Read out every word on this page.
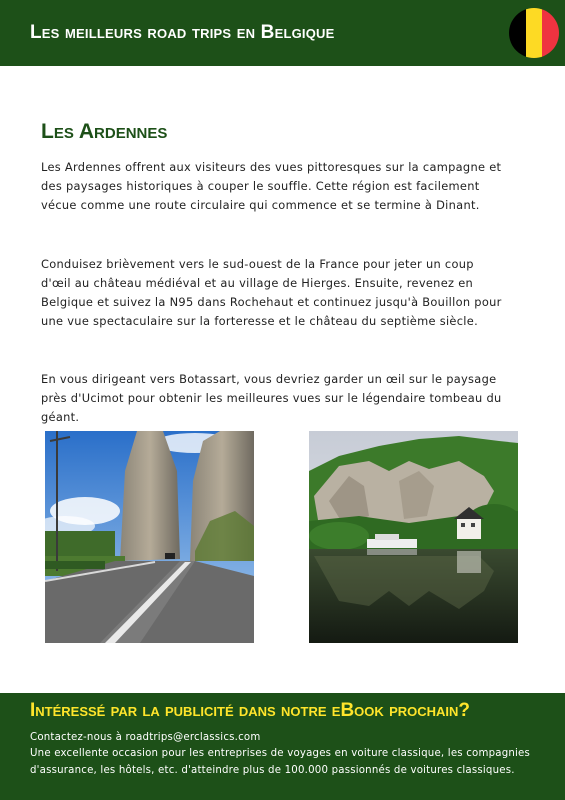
Les meilleurs road trips en Belgique
Les Ardennes

Les Ardennes offrent aux visiteurs des vues pittoresques sur la campagne et des paysages historiques à couper le souffle. Cette région est facilement vécue comme une route circulaire qui commence et se termine à Dinant.

Conduisez brièvement vers le sud-ouest de la France pour jeter un coup d'œil au château médiéval et au village de Hierges. Ensuite, revenez en Belgique et suivez la N95 dans Rochehaut et continuez jusqu'à Bouillon pour une vue spectaculaire sur la forteresse et le château du septième siècle.

En vous dirigeant vers Botassart, vous devriez garder un œil sur le paysage près d'Ucimot pour obtenir les meilleures vues sur le légendaire tombeau du géant.

Intéressé par la publicité dans notre eBook prochain?

Contactez-nous à roadtrips@erclassics.com

Une excellente occasion pour les entreprises de voyages en voiture classique, les compagnies d'assurance, les hôtels, etc. d'atteindre plus de 100.000 passionnés de voitures classiques.
